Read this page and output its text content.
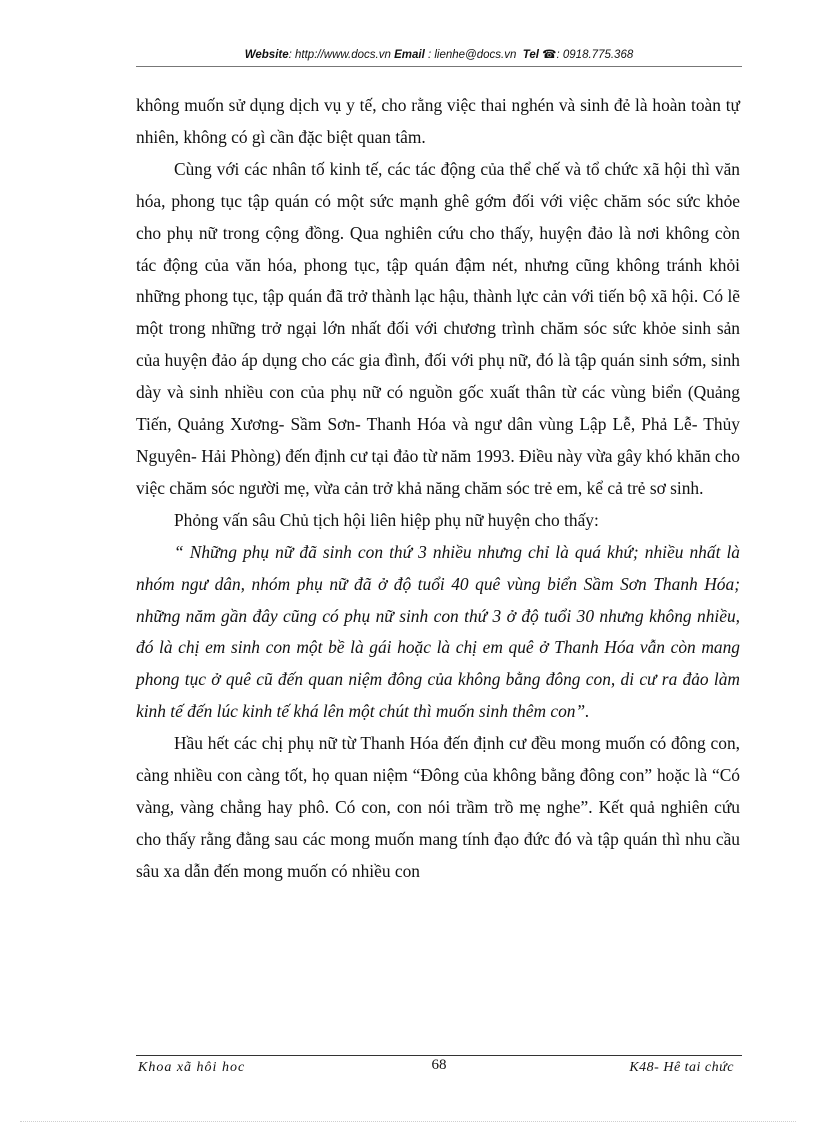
Website: http://www.docs.vn Email : lienhe@docs.vn Tel ☎: 0918.775.368

không muốn sử dụng dịch vụ y tế, cho rằng việc thai nghén và sinh đẻ là hoàn toàn tự nhiên, không có gì cần đặc biệt quan tâm.

Cùng với các nhân tố kinh tế, các tác động của thể chế và tổ chức xã hội thì văn hóa, phong tục tập quán có một sức mạnh ghê gớm đối với việc chăm sóc sức khỏe cho phụ nữ trong cộng đồng. Qua nghiên cứu cho thấy, huyện đảo là nơi không còn tác động của văn hóa, phong tục, tập quán đậm nét, nhưng cũng không tránh khỏi những phong tục, tập quán đã trở thành lạc hậu, thành lực cản với tiến bộ xã hội. Có lẽ một trong những trở ngại lớn nhất đối với chương trình chăm sóc sức khỏe sinh sản của huyện đảo áp dụng cho các gia đình, đối với phụ nữ, đó là tập quán sinh sớm, sinh dày và sinh nhiều con của phụ nữ có nguồn gốc xuất thân từ các vùng biển (Quảng Tiến, Quảng Xương- Sầm Sơn- Thanh Hóa và ngư dân vùng Lập Lễ, Phả Lễ- Thủy Nguyên- Hải Phòng) đến định cư tại đảo từ năm 1993. Điều này vừa gây khó khăn cho việc chăm sóc người mẹ, vừa cản trở khả năng chăm sóc trẻ em, kể cả trẻ sơ sinh.

Phỏng vấn sâu Chủ tịch hội liên hiệp phụ nữ huyện cho thấy:

“ Những phụ nữ đã sinh con thứ 3 nhiều nhưng chỉ là quá khứ; nhiều nhất là nhóm ngư dân, nhóm phụ nữ đã ở độ tuổi 40 quê vùng biển Sầm Sơn Thanh Hóa; những năm gần đây cũng có phụ nữ sinh con thứ 3 ở độ tuổi 30 nhưng không nhiều, đó là chị em sinh con một bề là gái hoặc là chị em quê ở Thanh Hóa vẫn còn mang phong tục ở quê cũ đến quan niệm đông của không bằng đông con, di cư ra đảo làm kinh tế đến lúc kinh tế khá lên một chút thì muốn sinh thêm con”.

Hầu hết các chị phụ nữ từ Thanh Hóa đến định cư đều mong muốn có đông con, càng nhiều con càng tốt, họ quan niệm “Đông của không bằng đông con” hoặc là “Có vàng, vàng chẳng hay phô. Có con, con nói trầm trồ mẹ nghe”. Kết quả nghiên cứu cho thấy rằng đằng sau các mong muốn mang tính đạo đức đó và tập quán thì nhu cầu sâu xa dẫn đến mong muốn có nhiều con

Khoa xã hôi hoc	68	K48- Hê tai chức
